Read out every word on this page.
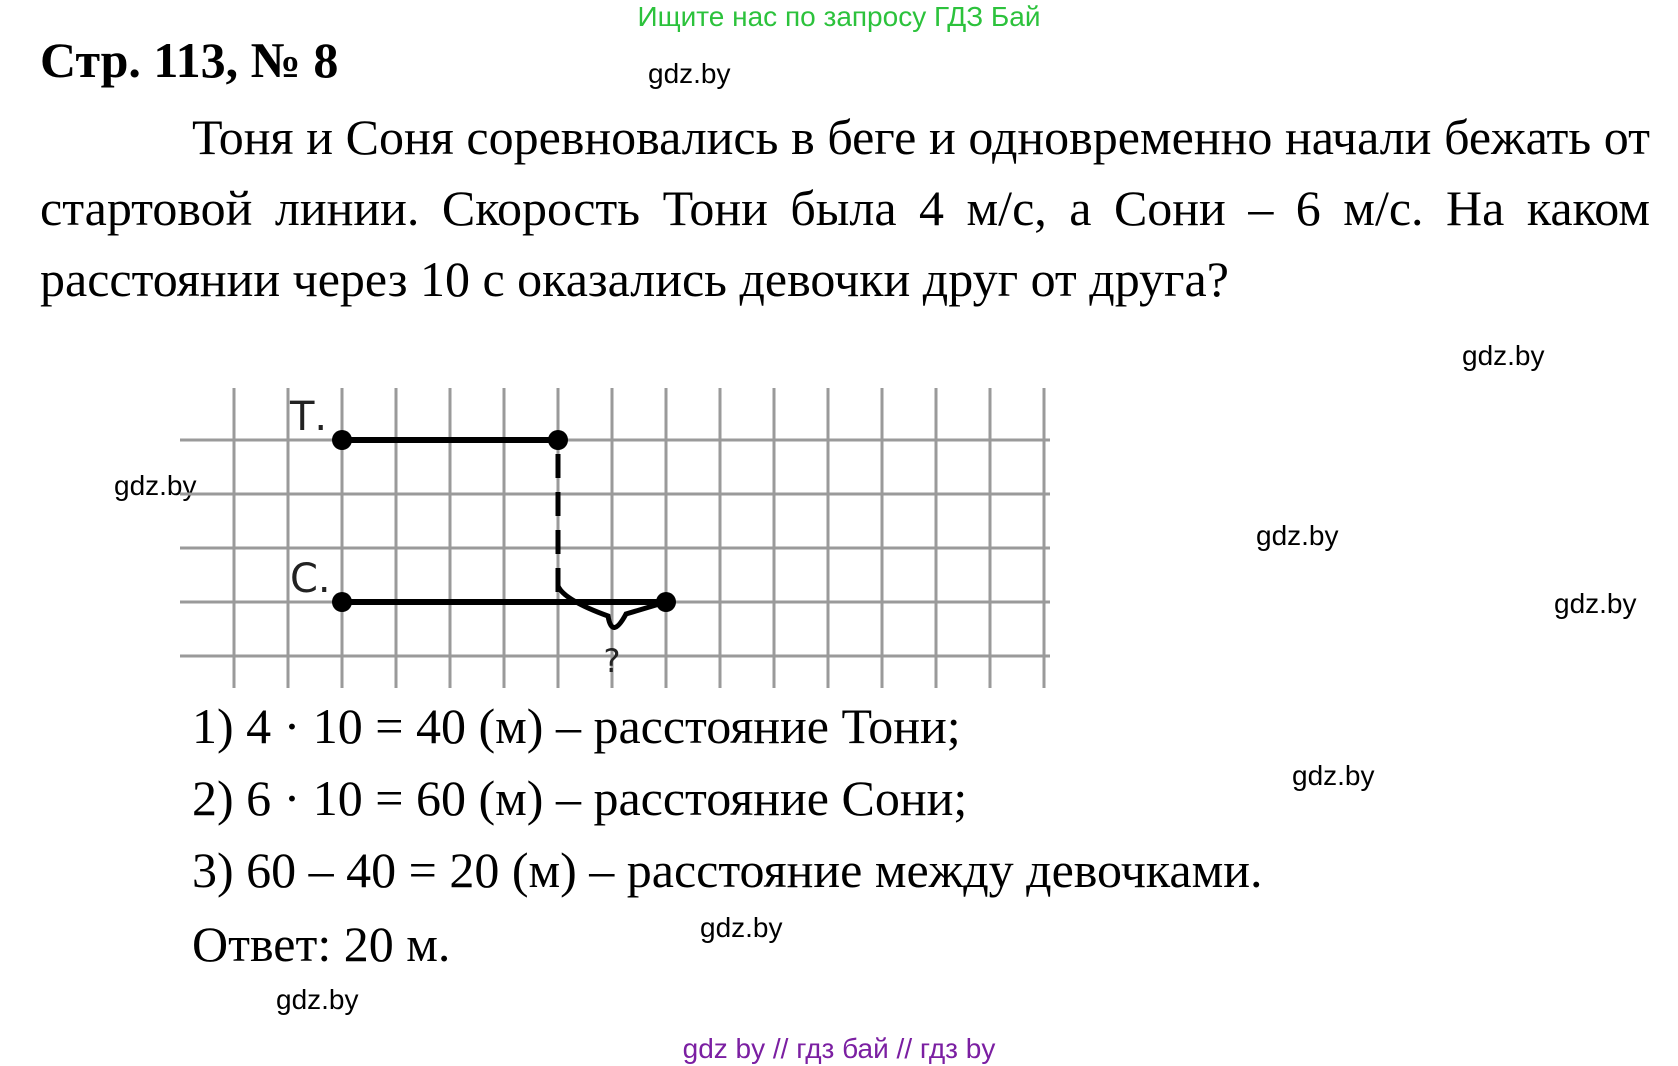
Ищите нас по запросу ГДЗ Бай
Стр. 113, № 8	gdz.by
Тоня и Соня соревновались в беге и одновременно начали бежать от стартовой линии. Скорость Тони была 4 м/с, а Сони – 6 м/с. На каком расстоянии через 10 с оказались девочки друг от друга?
gdz.by
gdz.by
gdz.by
gdz.by
Т.
С.
?
1) 4 · 10 = 40 (м) – расстояние Тони;
gdz.by
2) 6 · 10 = 60 (м) – расстояние Сони;
3) 60 – 40 = 20 (м) – расстояние между девочками.
gdz.by
Ответ: 20 м.
gdz.by
gdz by // гдз бай // гдз by
